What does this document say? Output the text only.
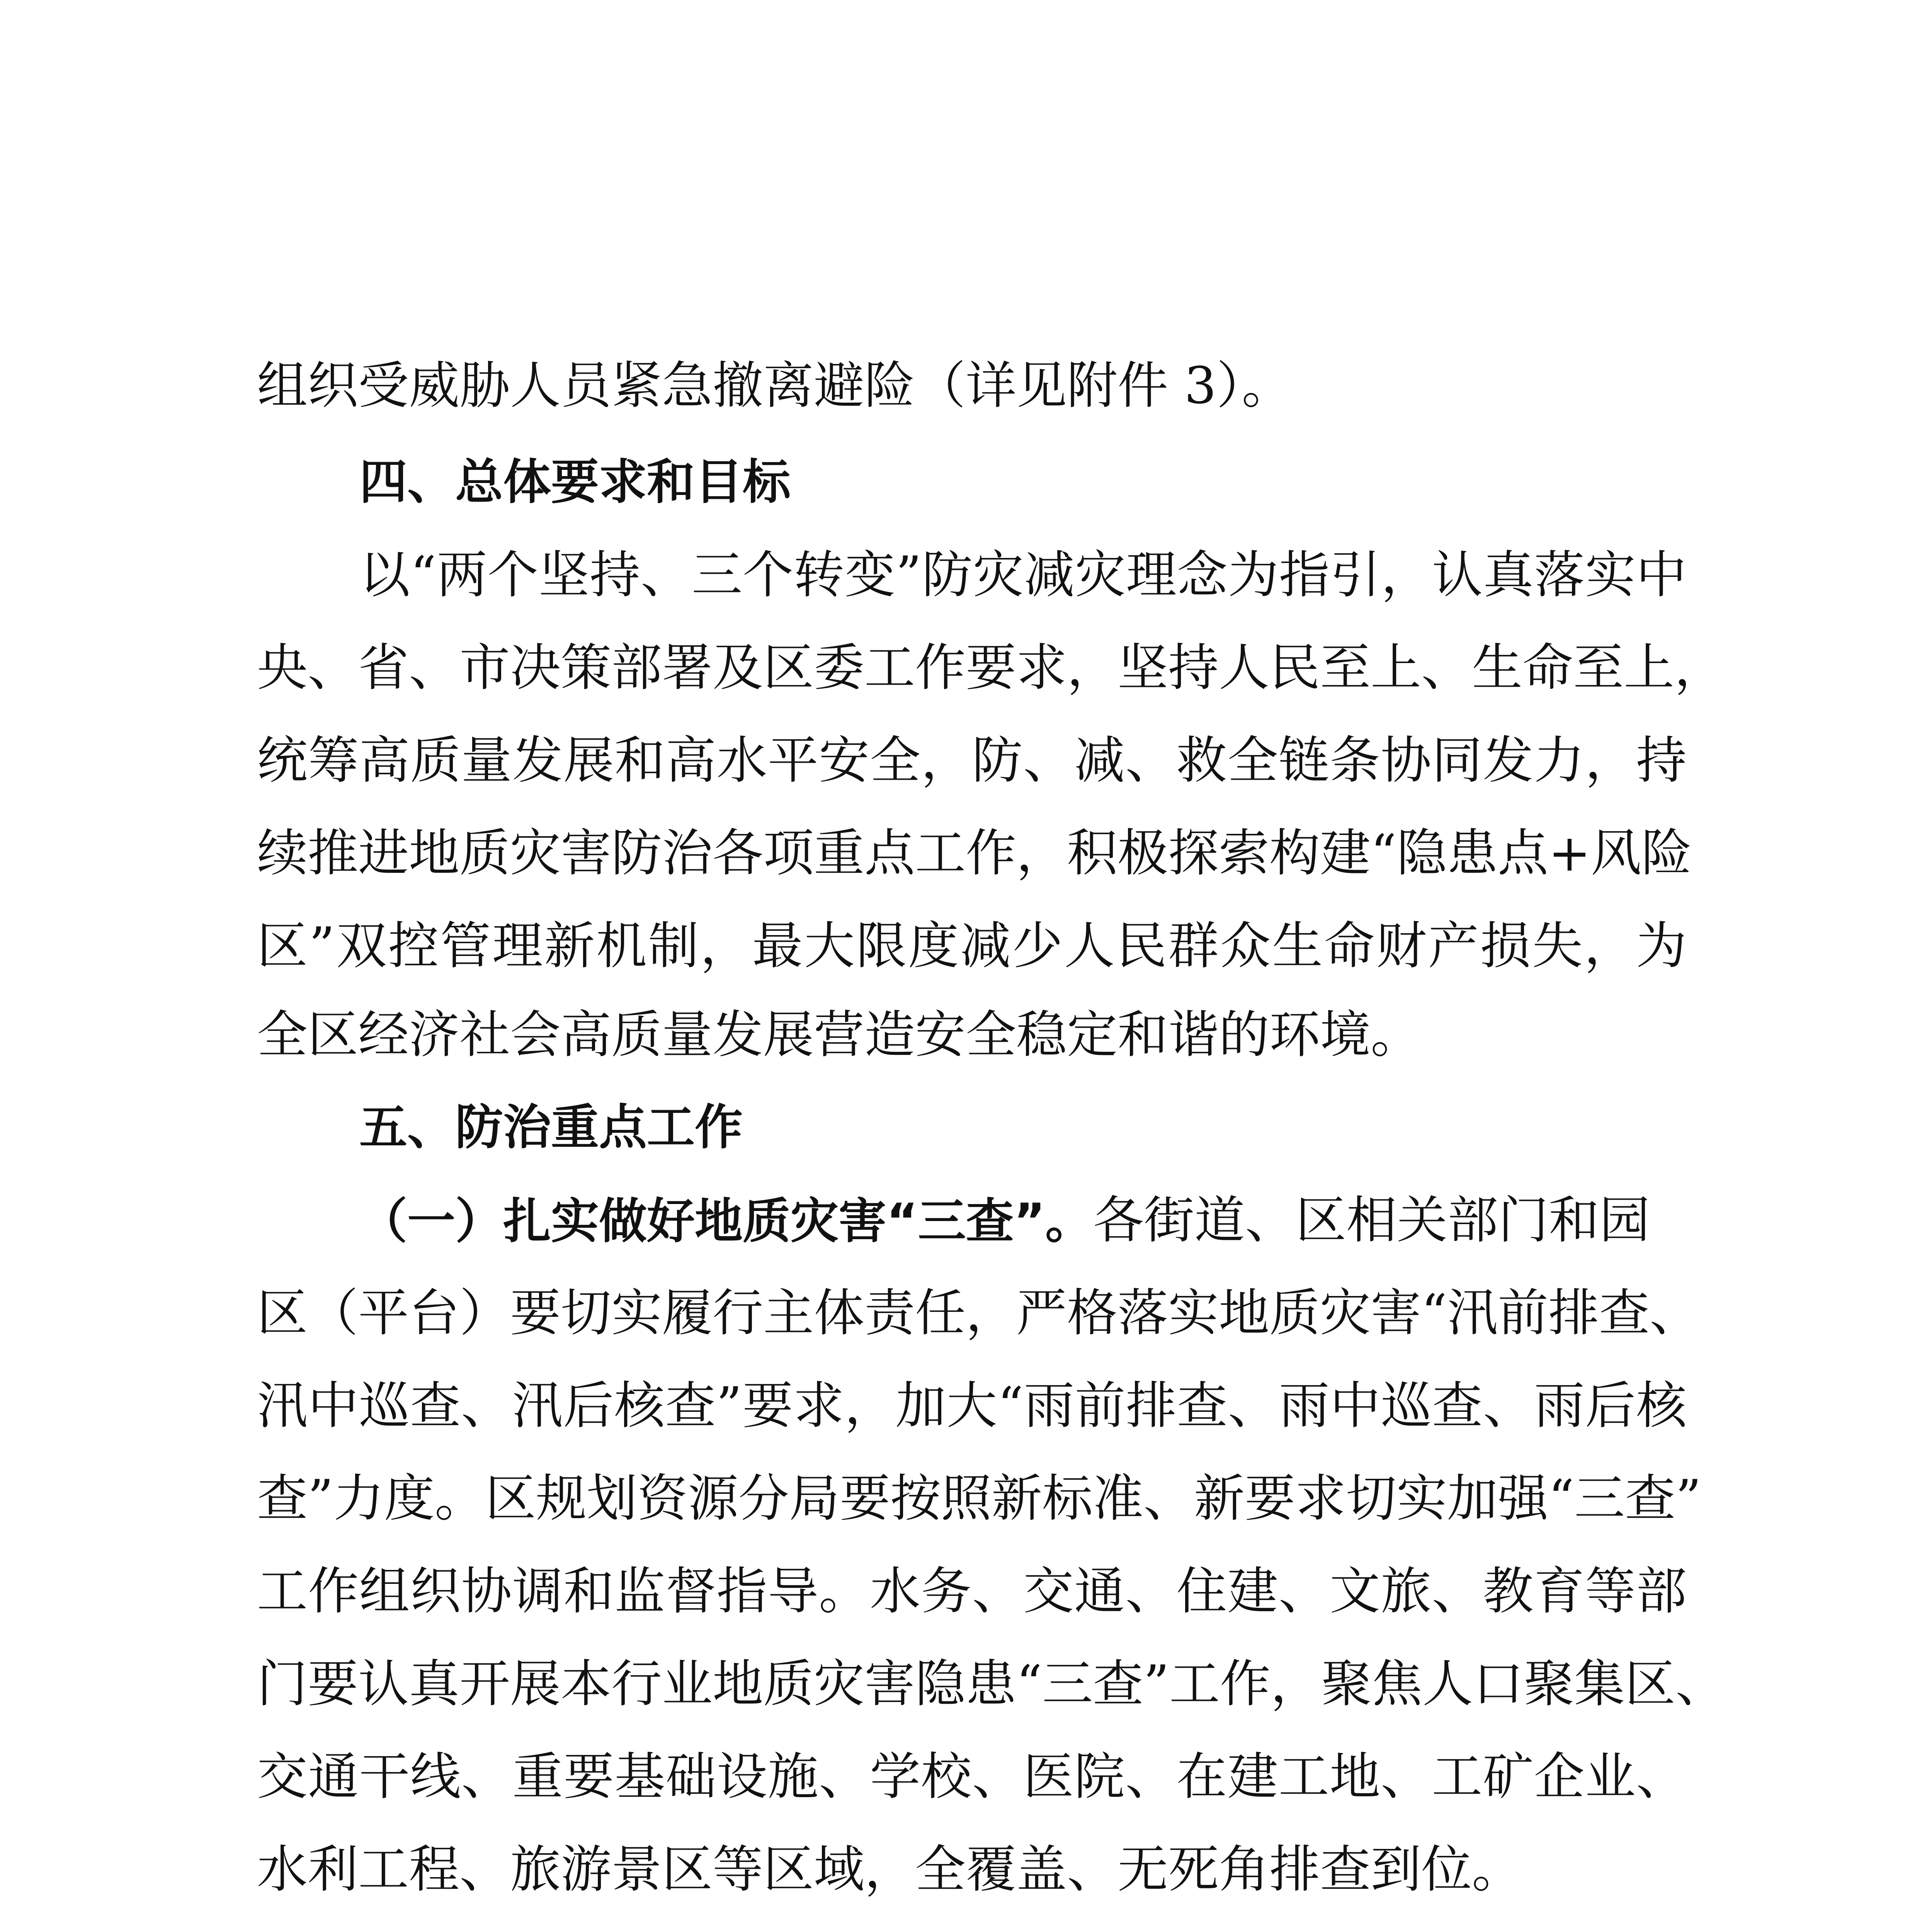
组织受威胁人员紧急撤离避险（详见附件 3）。
四、总体要求和目标
以“两个坚持、三个转变”防灾减灾理念为指引，认真落实中
央、省、市决策部署及区委工作要求，坚持人民至上、生命至上，
统筹高质量发展和高水平安全，防、减、救全链条协同发力，持
续推进地质灾害防治各项重点工作，积极探索构建“隐患点+风险
区”双控管理新机制，最大限度减少人民群众生命财产损失，为
全区经济社会高质量发展营造安全稳定和谐的环境。
五、防治重点工作
（一）扎实做好地质灾害“三查”。各街道、区相关部门和园
区（平台）要切实履行主体责任，严格落实地质灾害“汛前排查、
汛中巡查、汛后核查”要求，加大“雨前排查、雨中巡查、雨后核
查”力度。区规划资源分局要按照新标准、新要求切实加强“三查”
工作组织协调和监督指导。水务、交通、住建、文旅、教育等部
门要认真开展本行业地质灾害隐患“三查”工作，聚焦人口聚集区、
交通干线、重要基础设施、学校、医院、在建工地、工矿企业、
水利工程、旅游景区等区域，全覆盖、无死角排查到位。
